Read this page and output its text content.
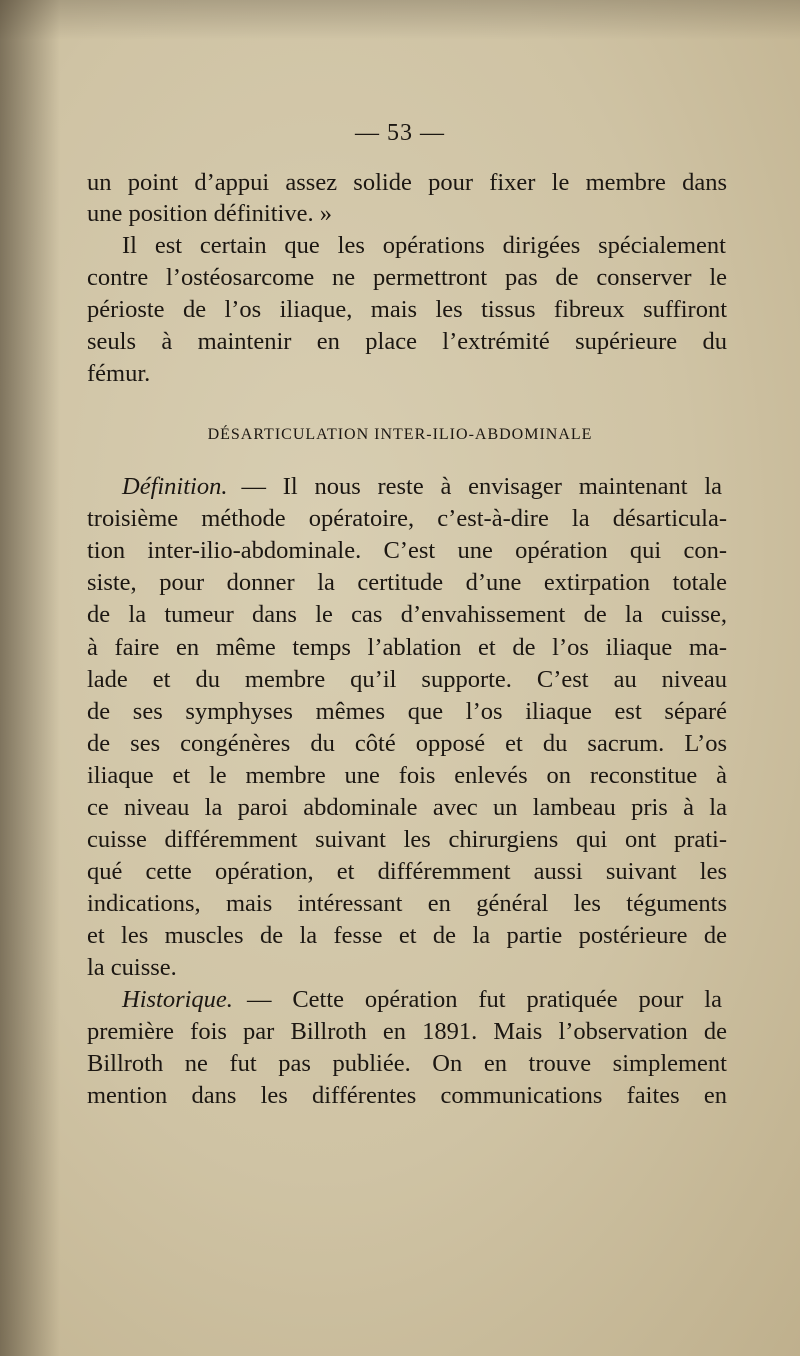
— 53 —
un point d’appui assez solide pour fixer le membre dans
une position définitive. »
Il est certain que les opérations dirigées spécialement
contre l’ostéosarcome ne permettront pas de conserver le
périoste de l’os iliaque, mais les tissus fibreux suffiront
seuls à maintenir en place l’extrémité supérieure du
fémur.
DÉSARTICULATION INTER-ILIO-ABDOMINALE
Définition. — Il nous reste à envisager maintenant la
troisième méthode opératoire, c’est-à-dire la désarticula-
tion inter-ilio-abdominale. C’est une opération qui con-
siste, pour donner la certitude d’une extirpation totale
de la tumeur dans le cas d’envahissement de la cuisse,
à faire en même temps l’ablation et de l’os iliaque ma-
lade et du membre qu’il supporte. C’est au niveau
de ses symphyses mêmes que l’os iliaque est séparé
de ses congénères du côté opposé et du sacrum. L’os
iliaque et le membre une fois enlevés on reconstitue à
ce niveau la paroi abdominale avec un lambeau pris à la
cuisse différemment suivant les chirurgiens qui ont prati-
qué cette opération, et différemment aussi suivant les
indications, mais intéressant en général les téguments
et les muscles de la fesse et de la partie postérieure de
la cuisse.
Historique. — Cette opération fut pratiquée pour la
première fois par Billroth en 1891. Mais l’observation de
Billroth ne fut pas publiée. On en trouve simplement
mention dans les différentes communications faites en
